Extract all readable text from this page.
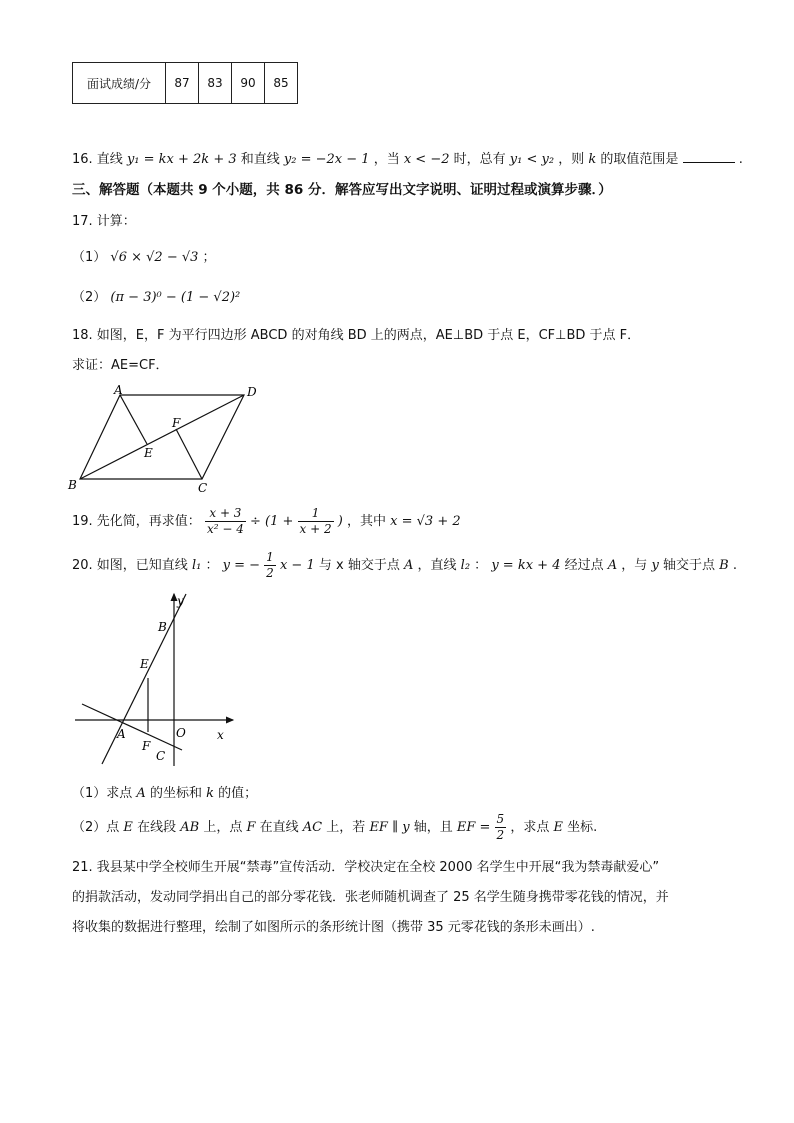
面试成绩/分	87	83	90	85
16. 直线 y₁ = kx + 2k + 3 和直线 y₂ = −2x − 1 ，当 x < −2 时，总有 y₁ < y₂ ，则 k 的取值范围是	.
三、解答题（本题共 9 个小题，共 86 分．解答应写出文字说明、证明过程或演算步骤．）
17. 计算：
（1） √6 × √2 − √3 ；
（2） (π − 3)⁰ − (1 − √2)²
18. 如图，E，F 为平行四边形 ABCD 的对角线 BD 上的两点，AE⊥BD 于点 E，CF⊥BD 于点 F．
求证：AE=CF．
A	D
B	C
E
F
19. 先化简，再求值： $\frac{x + 3}{\text{x² − 4}} \div (1 + \frac{1}{x + 2}$ ) ，其中 x = √3 + 2
20. 如图，已知直线 l₁ ： y = − $\frac{1}{2}$ x − 1 与 x 轴交于点 A ，直线 l₂ ： y = kx + 4 经过点 A ，与 y 轴交于点 B .
y
x
B
E
A
F
O
C
（1）求点 A 的坐标和 k 的值；
（2）点 E 在线段 AB 上，点 F 在直线 AC 上，若 EF ∥ y 轴，且 EF = $\frac{5}{2}$ ，求点 E 坐标.
21. 我县某中学全校师生开展“禁毒”宣传活动．学校决定在全校 2000 名学生中开展“我为禁毒献爱心”
的捐款活动，发动同学捐出自己的部分零花钱．张老师随机调查了 25 名学生随身携带零花钱的情况，并
将收集的数据进行整理，绘制了如图所示的条形统计图（携带 35 元零花钱的条形未画出）.
